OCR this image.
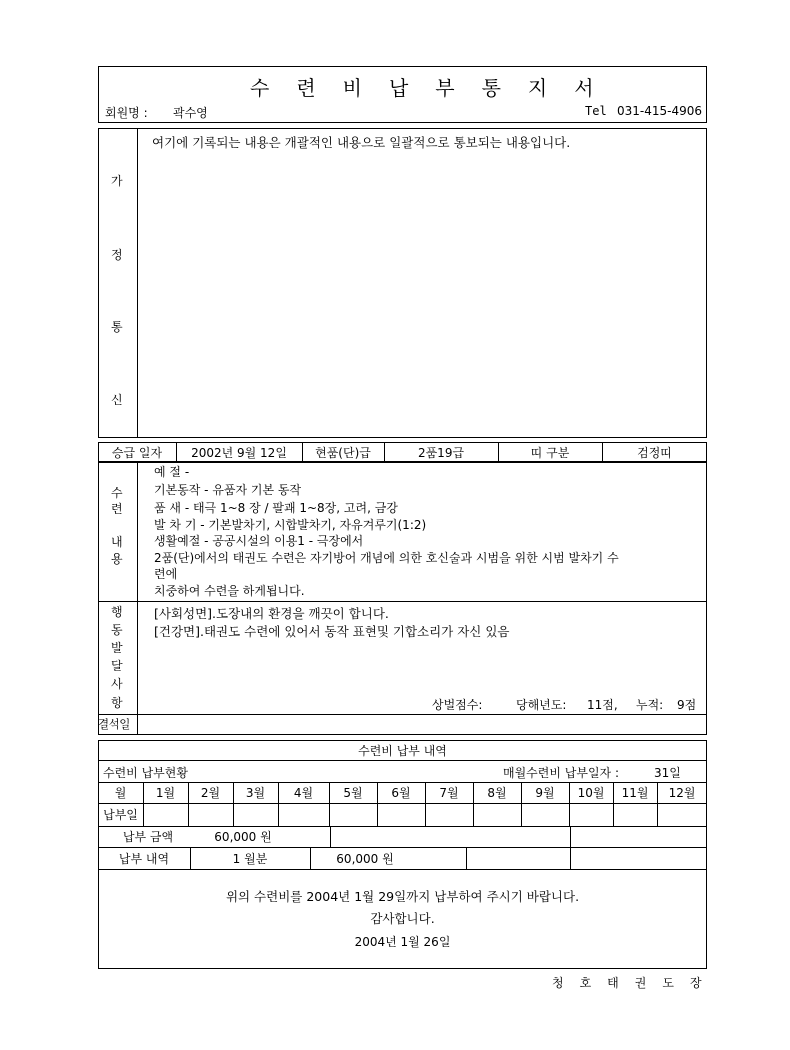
수련비납부통지서
회원명 : 곽수영	Tel 031-415-4906
가
정
통
신
여기에 기록되는 내용은 개괄적인 내용으로 일괄적으로 통보되는 내용입니다.
승급 일자	2002년 9월 12일	현품(단)급	2품19급	띠 구분	검정띠
수
련
내
용
예 절 -
기본동작 - 유품자 기본 동작
품 새 - 태극 1~8 장 / 팔괘 1~8장, 고려, 금강
발 차 기 - 기본발차기, 시합발차기, 자유겨루기(1:2)
생활예절 - 공공시설의 이용1 - 극장에서
2품(단)에서의 태권도 수련은 자기방어 개념에 의한 호신술과 시범을 위한 시범 발차기 수
련에
치중하여 수련을 하게됩니다.
행
동
발
달
사
항
[사회성면].도장내의 환경을 깨끗이 합니다.
[건강면].태권도 수련에 있어서 동작 표현및 기합소리가 자신 있음
상벌점수:	당해년도: 11점, 누적: 9점
결석일
수련비 납부 내역
수련비 납부현황	매월수련비 납부일자 :	31일
월	1월	2월	3월	4월	5월	6월	7월	8월	9월	10월	11월	12월
납부일
납부 금액	60,000 원
납부 내역	1 월분	60,000 원
위의 수련비를 2004년 1월 29일까지 납부하여 주시기 바랍니다.
감사합니다.
2004년 1월 26일
청호태권도장
